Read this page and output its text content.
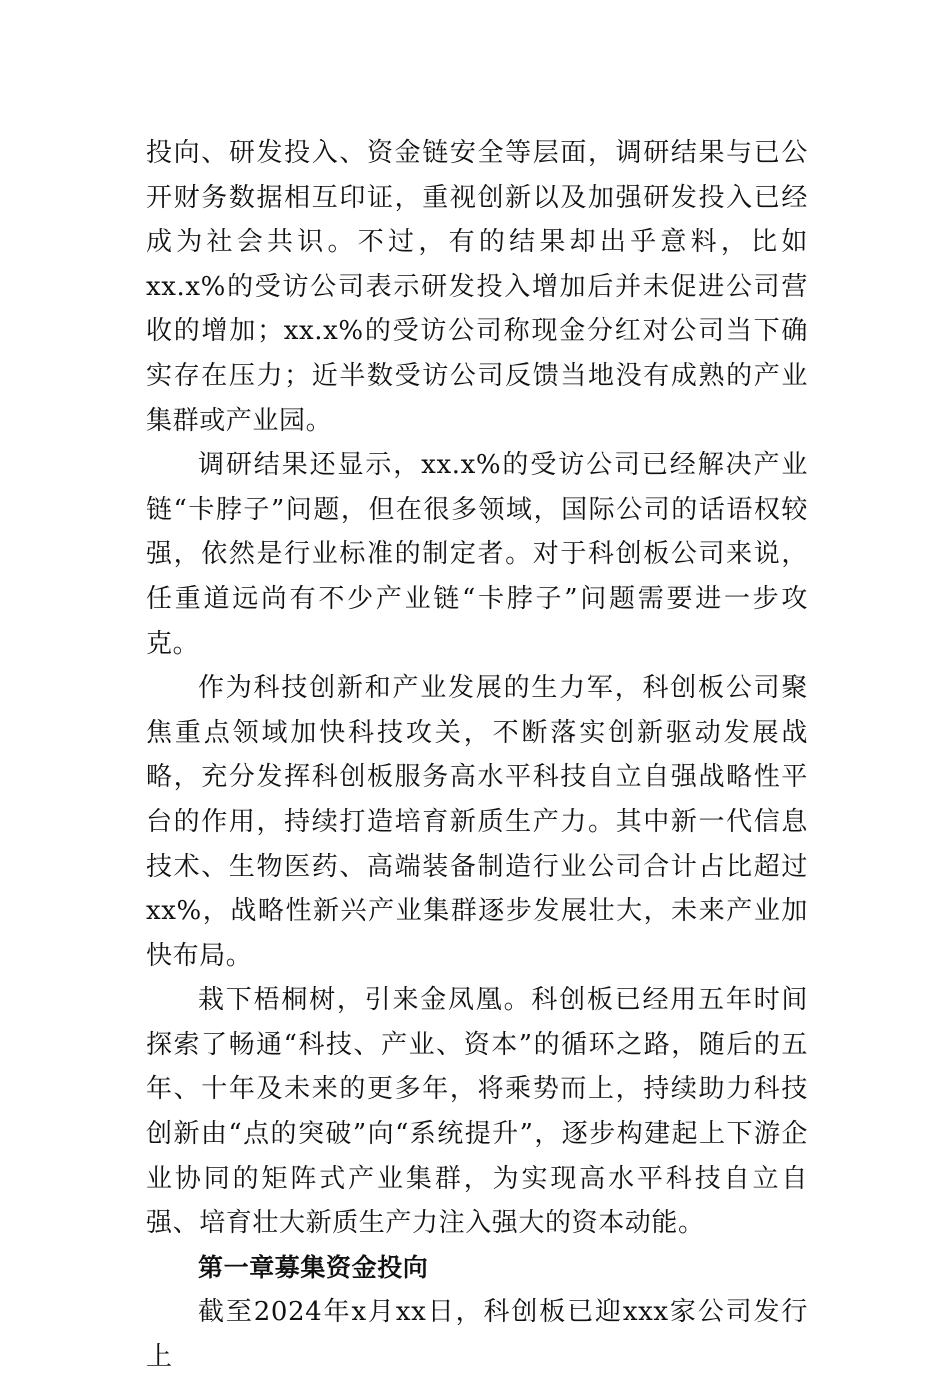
投向、研发投入、资金链安全等层面，调研结果与已公开财务数据相互印证，重视创新以及加强研发投入已经成为社会共识。不过，有的结果却出乎意料，比如xx.x%的受访公司表示研发投入增加后并未促进公司营收的增加；xx.x%的受访公司称现金分红对公司当下确实存在压力；近半数受访公司反馈当地没有成熟的产业集群或产业园。

调研结果还显示，xx.x%的受访公司已经解决产业链“卡脖子”问题，但在很多领域，国际公司的话语权较强，依然是行业标准的制定者。对于科创板公司来说，任重道远尚有不少产业链“卡脖子”问题需要进一步攻克。

作为科技创新和产业发展的生力军，科创板公司聚焦重点领域加快科技攻关，不断落实创新驱动发展战略，充分发挥科创板服务高水平科技自立自强战略性平台的作用，持续打造培育新质生产力。其中新一代信息技术、生物医药、高端装备制造行业公司合计占比超过xx%，战略性新兴产业集群逐步发展壮大，未来产业加快布局。

栽下梧桐树，引来金凤凰。科创板已经用五年时间探索了畅通“科技、产业、资本”的循环之路，随后的五年、十年及未来的更多年，将乘势而上，持续助力科技创新由“点的突破”向“系统提升”，逐步构建起上下游企业协同的矩阵式产业集群，为实现高水平科技自立自强、培育壮大新质生产力注入强大的资本动能。

第一章募集资金投向

截至2024年x月xx日，科创板已迎xxx家公司发行上
